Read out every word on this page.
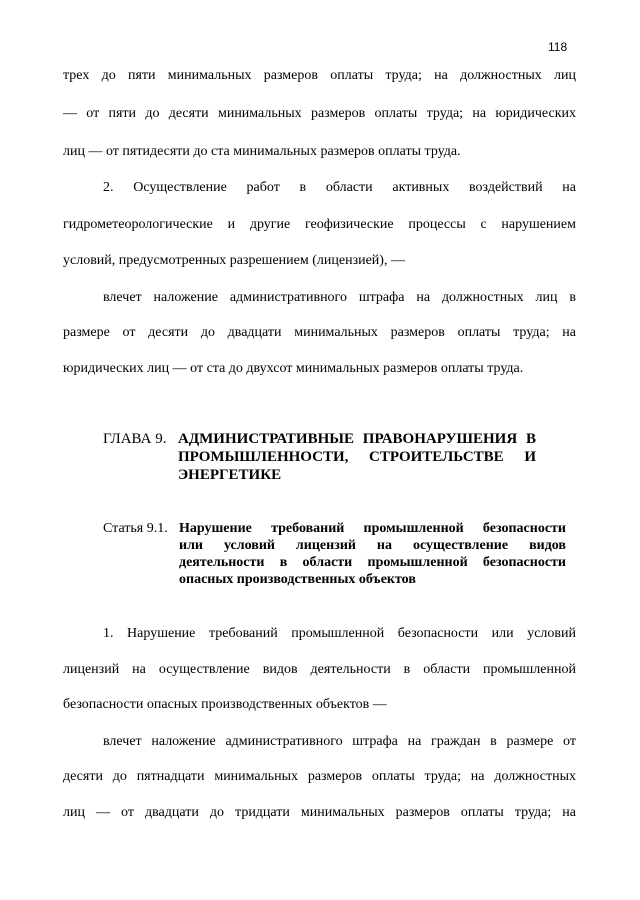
118
трех до пяти минимальных размеров оплаты труда; на должностных лиц
— от пяти до десяти минимальных размеров оплаты труда; на юридических
лиц — от пятидесяти до ста минимальных размеров оплаты труда.
2. Осуществление работ в области активных воздействий на
гидрометеорологические и другие геофизические процессы с нарушением
условий, предусмотренных разрешением (лицензией), —
влечет наложение административного штрафа на должностных лиц в
размере от десяти до двадцати минимальных размеров оплаты труда; на
юридических лиц — от ста до двухсот минимальных размеров оплаты труда.
ГЛАВА 9. АДМИНИСТРАТИВНЫЕ ПРАВОНАРУШЕНИЯ В
ПРОМЫШЛЕННОСТИ, СТРОИТЕЛЬСТВЕ И
ЭНЕРГЕТИКЕ
Статья 9.1. Нарушение требований промышленной безопасности
или условий лицензий на осуществление видов
деятельности в области промышленной безопасности
опасных производственных объектов
1. Нарушение требований промышленной безопасности или условий
лицензий на осуществление видов деятельности в области промышленной
безопасности опасных производственных объектов —
влечет наложение административного штрафа на граждан в размере от
десяти до пятнадцати минимальных размеров оплаты труда; на должностных
лиц — от двадцати до тридцати минимальных размеров оплаты труда; на
